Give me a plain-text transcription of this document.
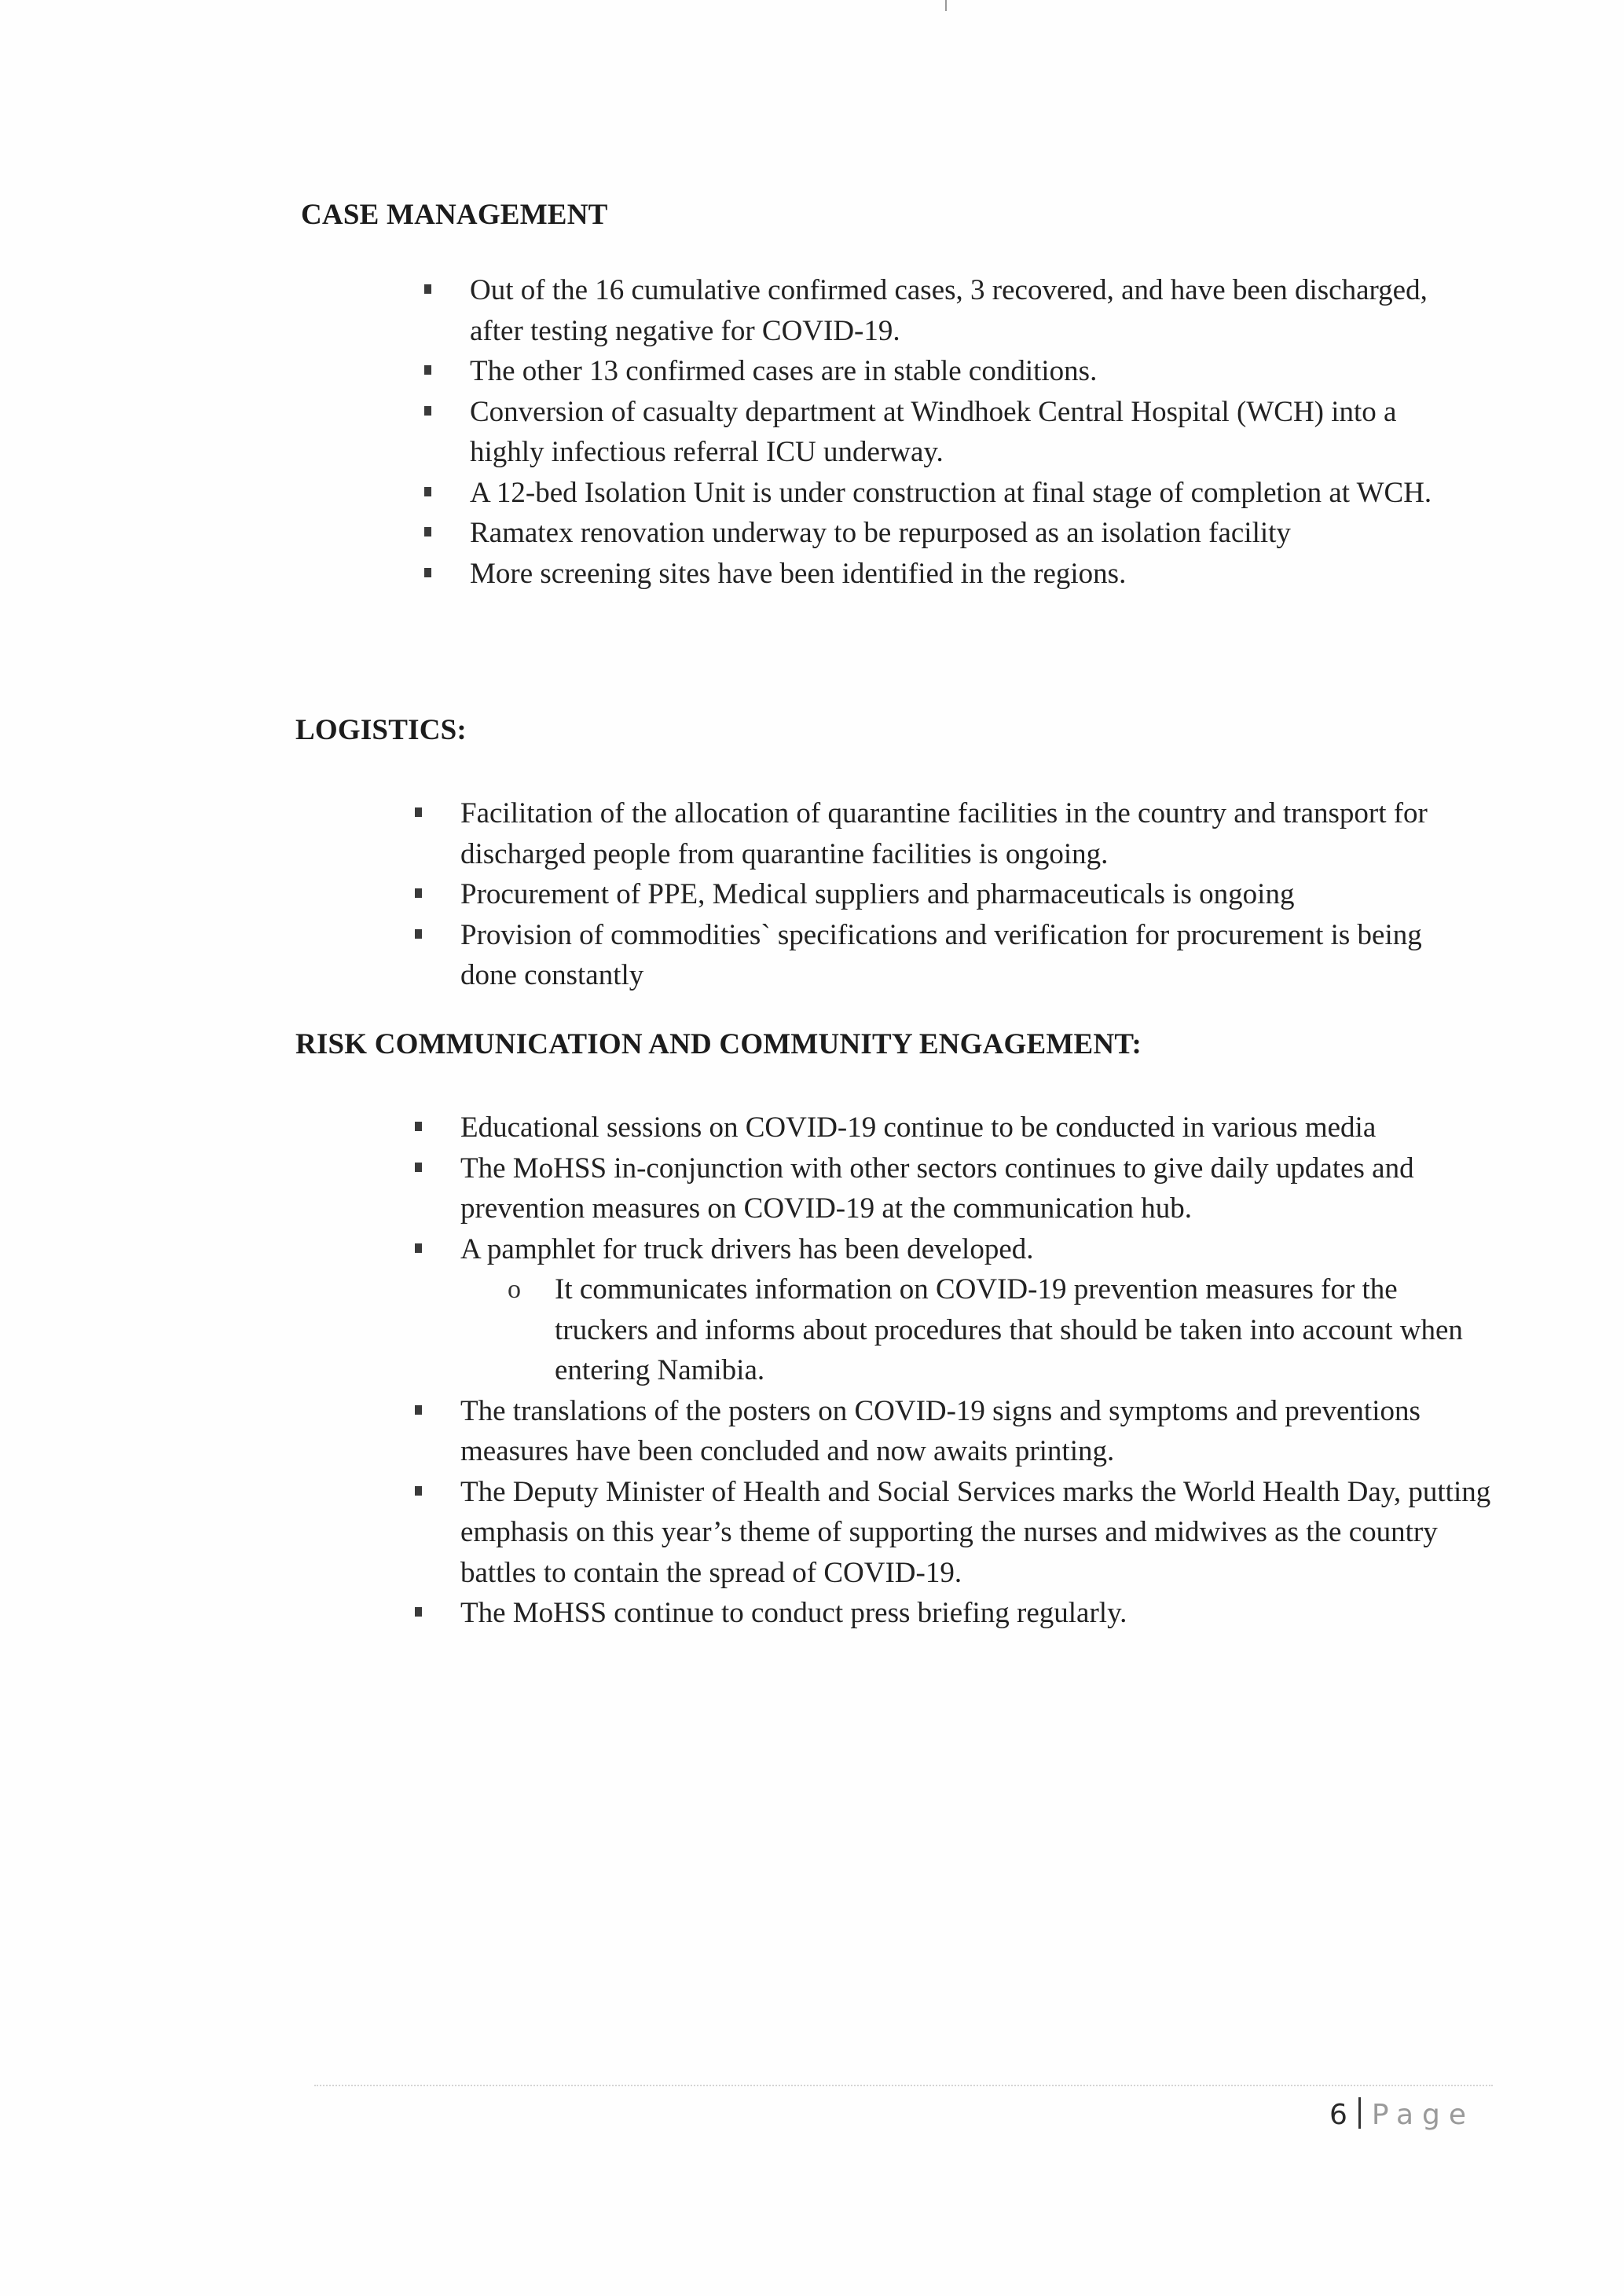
CASE MANAGEMENT
Out of the 16 cumulative confirmed cases, 3 recovered, and have been discharged, after testing negative for COVID-19.
The other 13 confirmed cases are in stable conditions.
Conversion of casualty department at Windhoek Central Hospital (WCH) into a highly infectious referral ICU underway.
A 12-bed Isolation Unit is under construction at final stage of completion at WCH.
Ramatex renovation underway to be repurposed as an isolation facility
More screening sites have been identified in the regions.
LOGISTICS:
Facilitation of the allocation of quarantine facilities in the country and transport for discharged people from quarantine facilities is ongoing.
Procurement of PPE, Medical suppliers and pharmaceuticals is ongoing
Provision of commodities` specifications and verification for procurement is being done constantly
RISK COMMUNICATION AND COMMUNITY ENGAGEMENT:
Educational sessions on COVID-19 continue to be conducted in various media
The MoHSS in-conjunction with other sectors continues to give daily updates and prevention measures on COVID-19 at the communication hub.
A pamphlet for truck drivers has been developed.
o It communicates information on COVID-19 prevention measures for the truckers and informs about procedures that should be taken into account when entering Namibia.
The translations of the posters on COVID-19 signs and symptoms and preventions measures have been concluded and now awaits printing.
The Deputy Minister of Health and Social Services marks the World Health Day, putting emphasis on this year’s theme of supporting the nurses and midwives as the country battles to contain the spread of COVID-19.
The MoHSS continue to conduct press briefing regularly.
6 Page
